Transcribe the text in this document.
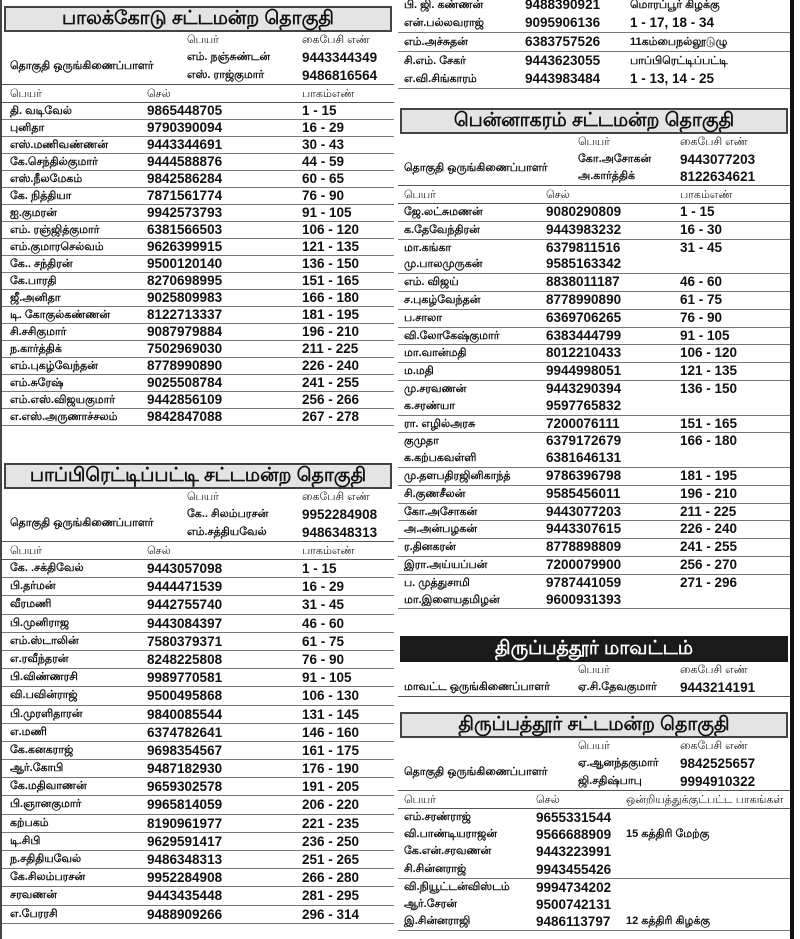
பாலக்கோடு சட்டமன்ற தொகுதி
பெயர்	கைபேசி எண்
தொகுதி ஒருங்கிணைப்பாளர்
எம். நஞ்சுண்டன் 9443344349
எஸ். ராஜ்குமார்	9486816564
பெயர்	செல்	பாகம்எண்
தி. வடிவேல்	9865448705	1 - 15
புனிதா	9790390094	16 - 29
எஸ்.மணிவண்ணன்	9443344691	30 - 43
கே.செந்தில்குமார்	9444588876	44 - 59
எஸ்.நீலமேகம்	9842586284	60 - 65
கே. நித்தியா	7871561774	76 - 90
ஐ.குமரன்	9942573793	91 - 105
எம். ரஞ்ஜித்குமார்	6381566503	106 - 120
எம்.குமாரசெல்வம்	9626399915	121 - 135
கே.. சந்திரன்	9500120140	136 - 150
கே.பாரதி	8270698995	151 - 165
ஜீ.அனிதா	9025809983	166 - 180
டி. கோகுல்கண்ணன்	8122713337	181 - 195
சி.சசிகுமார்	9087979884	196 - 210
ந.கார்த்திக்	7502969030	211 - 225
எம்.புகழ்வேந்தன்	8778990890	226 - 240
எம்.சுரேஷ்	9025508784	241 - 255
எம்.எஸ்.விஜயகுமார் 9442856109	256 - 266
எ.எஸ்.அருணாச்சலம் 9842847088	267 - 278
பாப்பிரெட்டிப்பட்டி சட்டமன்ற தொகுதி
பெயர்	கைபேசி எண்
தொகுதி ஒருங்கிணைப்பாளர்
கே.. சிலம்பரசன்	9952284908
எம்.சத்தியவேல்	9486348313
பெயர்	செல்	பாகம்எண்
கே. .சக்திவேல்	9443057098	1 - 15
பி.தர்மன்	9444471539	16 - 29
வீரமணி	9442755740	31 - 45
பி.முனிராஜ	9443084397	46 - 60
எம்.ஸ்டாலின்	7580379371	61 - 75
எ.ரவீந்தரன்	8248225808	76 - 90
பி.விண்ணரசி	9989770581	91 - 105
வி.பவின்ராஜ்	9500495868	106 - 130
பி.முரளிதாரன்	9840085544	131 - 145
எ.மணி	6374782641	146 - 160
கே.கனகராஜ்	9698354567	161 - 175
ஆர்.கோபி	9487182930	176 - 190
கே.மதிவாணன்	9659302578	191 - 205
பி.ஞானகுமார்	9965814059	206 - 220
கற்பகம்	8190961977	221 - 235
டி.சிபி	9629591417	236 - 250
ந.சதிதியவேல்	9486348313	251 - 265
கே.சிலம்பரசன்	9952284908	266 - 280
சரவணன்	9443435448	281 - 295
எ.பேரரசி	9488909266	296 - 314
பி. ஜி. கண்ணன்	9488390921	மொரப்பூர் கிழக்கு
என்.பல்லவராஜ்	9095906136 1 - 17, 18 - 34
எம்.அச்சுதன்	6383757526	11கம்பைநல்லூடுழு
சி.எம். சேகர்	9443623055	பாப்பிரெட்டிப்பட்டி
எ.வி.சிங்காரம்	9443983484 1 - 13, 14 - 25
பென்னாகரம் சட்டமன்ற தொகுதி
பெயர்	கைபேசி எண்
தொகுதி ஒருங்கிணைப்பாளர்
கோ.அசோகன் 9443077203
அ.கார்த்திக்	8122634621
பெயர்	செல்	பாகம்எண்
ஜே.லட்சுமணன்	9080290809	1 - 15
க.தேவேந்திரன்	9443983232	16 - 30
மா.கங்கா	6379811516	31 - 45
மு.பாலமுருகன்	9585163342
எம். விஜய்	8838011187	46 - 60
ச.புகழ்வேந்தன்	8778990890	61 - 75
ப.சாலா	6369706265	76 - 90
வி.லோகேஷ்குமார்	6383444799	91 - 105
மா.வான்மதி	8012210433	106 - 120
ம.மதி	9944998051	121 - 135
மு.சரவணன்	9443290394	136 - 150
க.சரண்யா	9597765832
ரா. எழில்அரசு	7200076111	151 - 165
குமுதா	6379172679	166 - 180
க.கற்பகவள்ளி	6381646131
மு.தளபதிரஜினிகாந்த்	9786396798	181 - 195
சி.குணசீலன்	9585456011	196 - 210
கோ.அசோகன்	9443077203	211 - 225
அ.அன்பழகன்	9443307615	226 - 240
ர.தினகரன்	8778898809	241 - 255
இரா.அய்யப்பன்	7200079900	256 - 270
ப. முத்துசாமி	9787441059	271 - 296
மா.இளையதமிழன்	9600931393
திருப்பத்தூர் மாவட்டம்
பெயர்	கைபேசி எண்
மாவட்ட ஒருங்கிணைப்பாளர்	ஏ.சி.தேவகுமார் 9443214191
திருப்பத்தூர் சட்டமன்ற தொகுதி
பெயர்	கைபேசி எண்
தொகுதி ஒருங்கிணைப்பாளர்
ஏ.ஆனந்தகுமார் 9842525657
ஜி.சதிஷ்பாபு	9994910322
பெயர்	செல்	ஒன்றியத்துக்குட்பட்ட பாகங்கள்
எம்.சரண்ராஜ்	9655331544
வி.பாண்டியராஜன்	9566688909 15 கத்திரி மேற்கு
கே.என்.சரவணன்	9443223991
சி.சின்னராஜ்	9943455426
வி.நியூட்டன்விஸ்டம் 9994734202
ஆர்.சேரன்	9500742131
இ.சின்னராஜி	9486113797 12 கத்திரி கிழக்கு
